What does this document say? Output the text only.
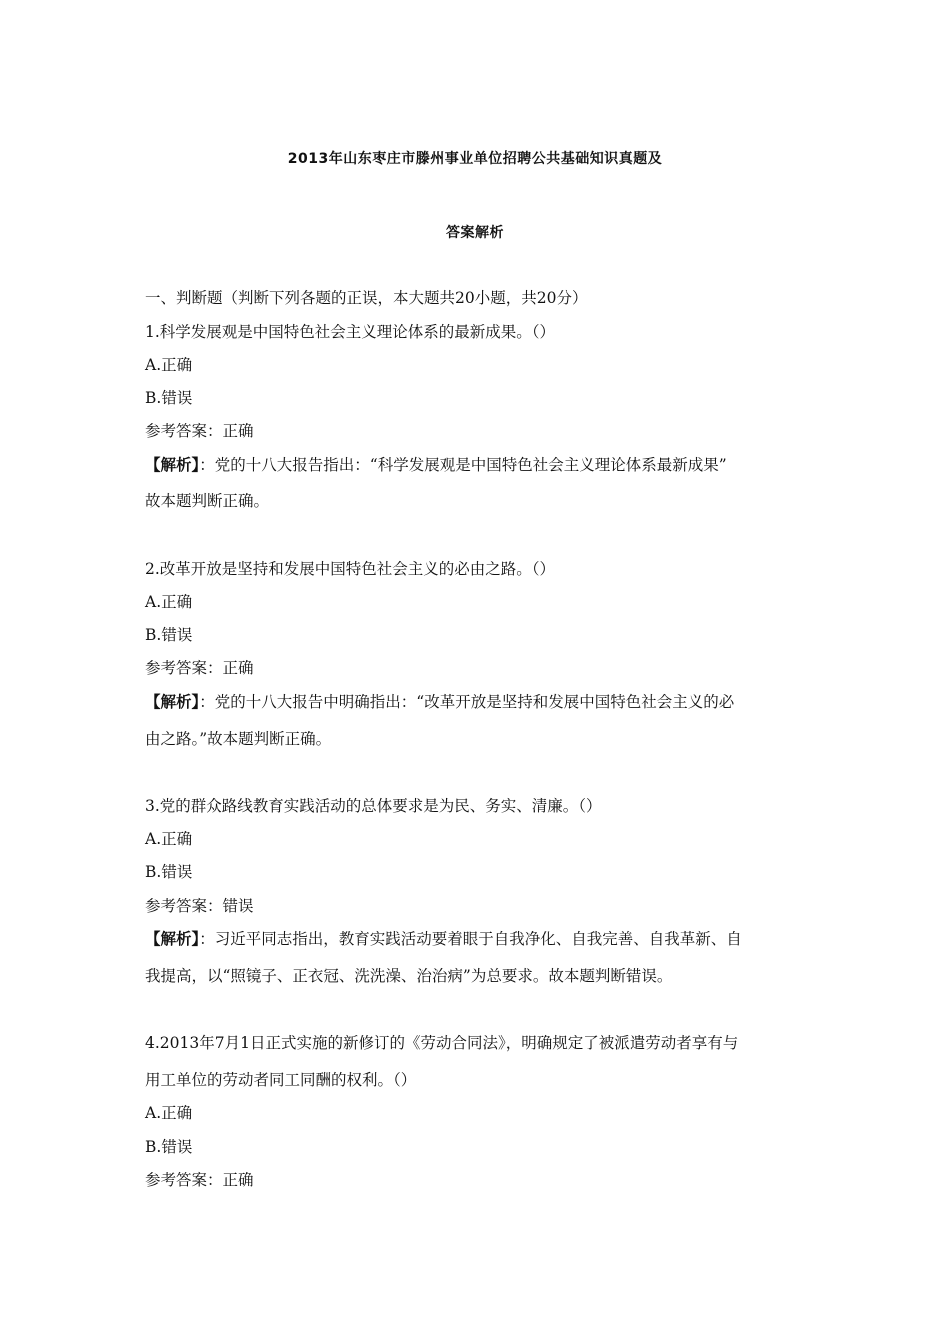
2013年山东枣庄市滕州事业单位招聘公共基础知识真题及
答案解析
一、判断题（判断下列各题的正误，本大题共20小题，共20分）
1.科学发展观是中国特色社会主义理论体系的最新成果。（）
A.正确
B.错误
参考答案：正确
【解析】：党的十八大报告指出：“科学发展观是中国特色社会主义理论体系最新成果”
故本题判断正确。
2.改革开放是坚持和发展中国特色社会主义的必由之路。（）
A.正确
B.错误
参考答案：正确
【解析】：党的十八大报告中明确指出：“改革开放是坚持和发展中国特色社会主义的必
由之路。”故本题判断正确。
3.党的群众路线教育实践活动的总体要求是为民、务实、清廉。（）
A.正确
B.错误
参考答案：错误
【解析】：习近平同志指出，教育实践活动要着眼于自我净化、自我完善、自我革新、自
我提高，以“照镜子、正衣冠、洗洗澡、治治病”为总要求。故本题判断错误。
4.2013年7月1日正式实施的新修订的《劳动合同法》，明确规定了被派遣劳动者享有与
用工单位的劳动者同工同酬的权利。（）
A.正确
B.错误
参考答案：正确
